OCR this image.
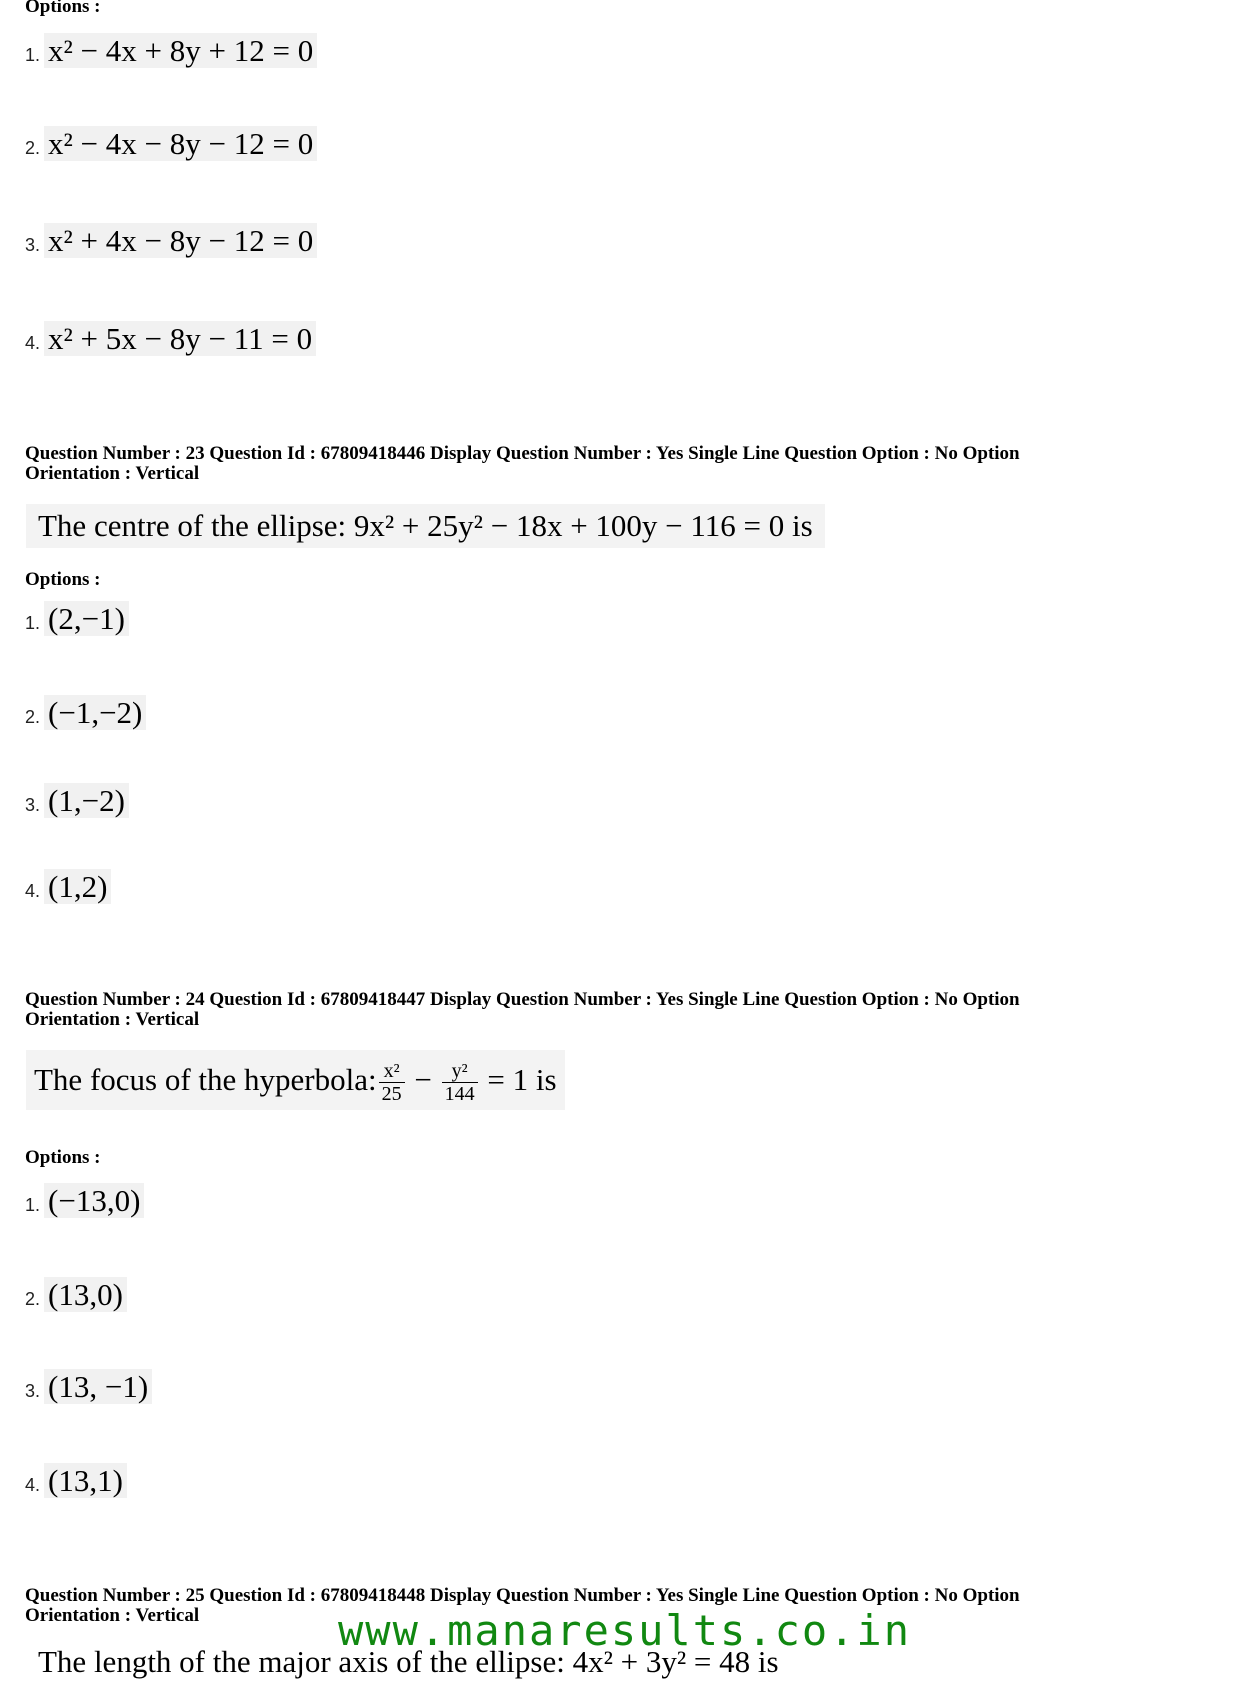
Options :
1. x² − 4x + 8y + 12 = 0
2. x² − 4x − 8y − 12 = 0
3. x² + 4x − 8y − 12 = 0
4. x² + 5x − 8y − 11 = 0
Question Number : 23 Question Id : 67809418446 Display Question Number : Yes Single Line Question Option : No Option
Orientation : Vertical
The centre of the ellipse: 9x² + 25y² − 18x + 100y − 116 = 0 is
Options :
1. (2,−1)
2. (−1,−2)
3. (1,−2)
4. (1,2)
Question Number : 24 Question Id : 67809418447 Display Question Number : Yes Single Line Question Option : No Option
Orientation : Vertical
The focus of the hyperbola: $\frac{\text{x²}}{25} - \frac{\text{y²}}{144} = 1$ is
Options :
1. (−13,0)
2. (13,0)
3. (13, −1)
4. (13,1)
Question Number : 25 Question Id : 67809418448 Display Question Number : Yes Single Line Question Option : No Option
Orientation : Vertical	www.manaresults.co.in
The length of the major axis of the ellipse: 4x² + 3y² = 48 is
